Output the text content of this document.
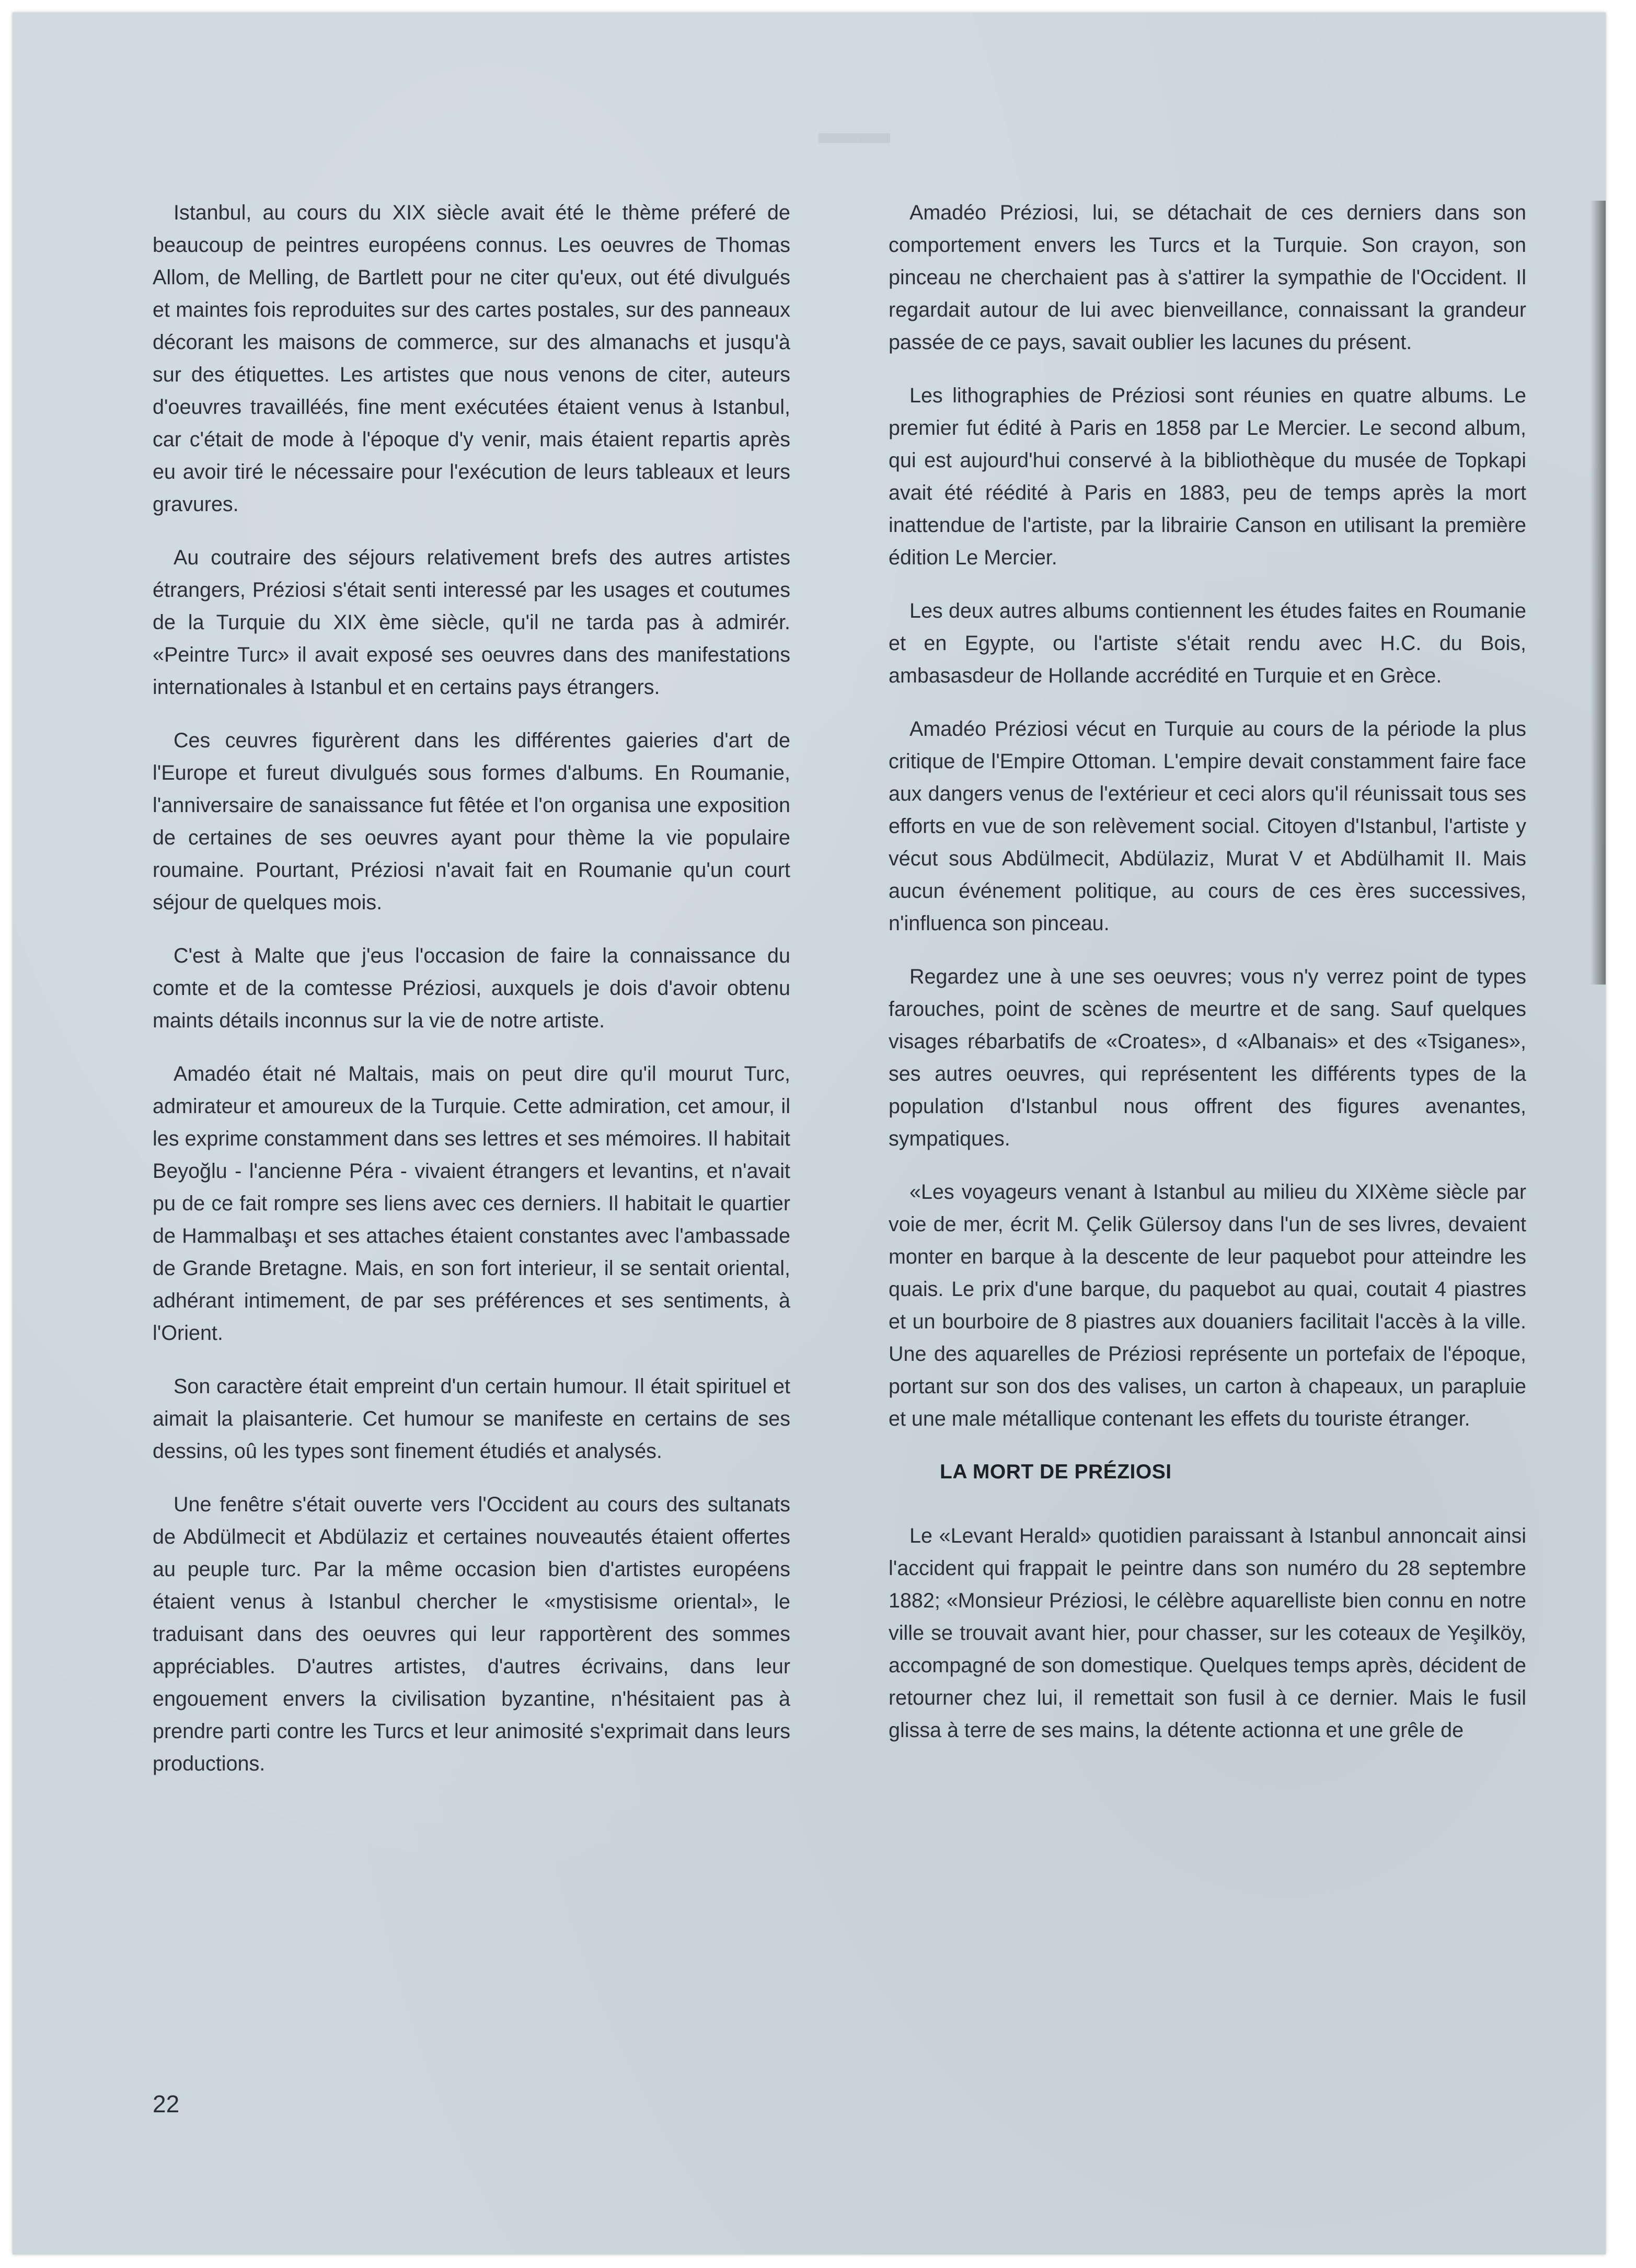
─

Istanbul, au cours du XIX siècle avait été le thème préferé de beaucoup de peintres européens connus. Les oeuvres de Thomas Allom, de Melling, de Bartlett pour ne citer qu'eux, out été divulgués et maintes fois reproduites sur des cartes postales, sur des panneaux décorant les maisons de commerce, sur des almanachs et jusqu'à sur des étiquettes. Les artistes que nous venons de citer, auteurs d'oeuvres travailléés, fine ment exécutées étaient venus à Istanbul, car c'était de mode à l'époque d'y venir, mais étaient repartis après eu avoir tiré le nécessaire pour l'exécution de leurs tableaux et leurs gravures.

Au coutraire des séjours relativement brefs des autres artistes étrangers, Préziosi s'était senti interessé par les usages et coutumes de la Turquie du XIX ème siècle, qu'il ne tarda pas à admirér. «Peintre Turc» il avait exposé ses oeuvres dans des manifestations internationales à Istanbul et en certains pays étrangers.

Ces ceuvres figurèrent dans les différentes gaieries d'art de l'Europe et fureut divulgués sous formes d'albums. En Roumanie, l'anniversaire de sanaissance fut fêtée et l'on organisa une exposition de certaines de ses oeuvres ayant pour thème la vie populaire roumaine. Pourtant, Préziosi n'avait fait en Roumanie qu'un court séjour de quelques mois.

C'est à Malte que j'eus l'occasion de faire la connaissance du comte et de la comtesse Préziosi, auxquels je dois d'avoir obtenu maints détails inconnus sur la vie de notre artiste.

Amadéo était né Maltais, mais on peut dire qu'il mourut Turc, admirateur et amoureux de la Turquie. Cette admiration, cet amour, il les exprime constamment dans ses lettres et ses mémoires. Il habitait Beyoğlu - l'ancienne Péra - vivaient étrangers et levantins, et n'avait pu de ce fait rompre ses liens avec ces derniers. Il habitait le quartier de Hammalbaşı et ses attaches étaient constantes avec l'ambassade de Grande Bretagne. Mais, en son fort interieur, il se sentait oriental, adhérant intimement, de par ses préférences et ses sentiments, à l'Orient.

Son caractère était empreint d'un certain humour. Il était spirituel et aimait la plaisanterie. Cet humour se manifeste en certains de ses dessins, oû les types sont finement étudiés et analysés.

Une fenêtre s'était ouverte vers l'Occident au cours des sultanats de Abdülmecit et Abdülaziz et certaines nouveautés étaient offertes au peuple turc. Par la même occasion bien d'artistes européens étaient venus à Istanbul chercher le «mystisisme oriental», le traduisant dans des oeuvres qui leur rapportèrent des sommes appréciables. D'autres artistes, d'autres écrivains, dans leur engouement envers la civilisation byzantine, n'hésitaient pas à prendre parti contre les Turcs et leur animosité s'exprimait dans leurs productions.

Amadéo Préziosi, lui, se détachait de ces derniers dans son comportement envers les Turcs et la Turquie. Son crayon, son pinceau ne cherchaient pas à s'attirer la sympathie de l'Occident. Il regardait autour de lui avec bienveillance, connaissant la grandeur passée de ce pays, savait oublier les lacunes du présent.

Les lithographies de Préziosi sont réunies en quatre albums. Le premier fut édité à Paris en 1858 par Le Mercier. Le second album, qui est aujourd'hui conservé à la bibliothèque du musée de Topkapi avait été réédité à Paris en 1883, peu de temps après la mort inattendue de l'artiste, par la librairie Canson en utilisant la première édition Le Mercier.

Les deux autres albums contiennent les études faites en Roumanie et en Egypte, ou l'artiste s'était rendu avec H.C. du Bois, ambasasdeur de Hollande accrédité en Turquie et en Grèce.

Amadéo Préziosi vécut en Turquie au cours de la période la plus critique de l'Empire Ottoman. L'empire devait constamment faire face aux dangers venus de l'extérieur et ceci alors qu'il réunissait tous ses efforts en vue de son relèvement social. Citoyen d'Istanbul, l'artiste y vécut sous Abdülmecit, Abdülaziz, Murat V et Abdülhamit II. Mais aucun événement politique, au cours de ces ères successives, n'influenca son pinceau.

Regardez une à une ses oeuvres; vous n'y verrez point de types farouches, point de scènes de meurtre et de sang. Sauf quelques visages rébarbatifs de «Croates», d «Albanais» et des «Tsiganes», ses autres oeuvres, qui représentent les différents types de la population d'Istanbul nous offrent des figures avenantes, sympatiques.

«Les voyageurs venant à Istanbul au milieu du XIXème siècle par voie de mer, écrit M. Çelik Gülersoy dans l'un de ses livres, devaient monter en barque à la descente de leur paquebot pour atteindre les quais. Le prix d'une barque, du paquebot au quai, coutait 4 piastres et un bourboire de 8 piastres aux douaniers facilitait l'accès à la ville. Une des aquarelles de Préziosi représente un portefaix de l'époque, portant sur son dos des valises, un carton à chapeaux, un parapluie et une male métallique contenant les effets du touriste étranger.

LA MORT DE PRÉZIOSI

Le «Levant Herald» quotidien paraissant à Istanbul annoncait ainsi l'accident qui frappait le peintre dans son numéro du 28 septembre 1882; «Monsieur Préziosi, le célèbre aquarelliste bien connu en notre ville se trouvait avant hier, pour chasser, sur les coteaux de Yeşilköy, accompagné de son domestique. Quelques temps après, décident de retourner chez lui, il remettait son fusil à ce dernier. Mais le fusil glissa à terre de ses mains, la détente actionna et une grêle de

22
